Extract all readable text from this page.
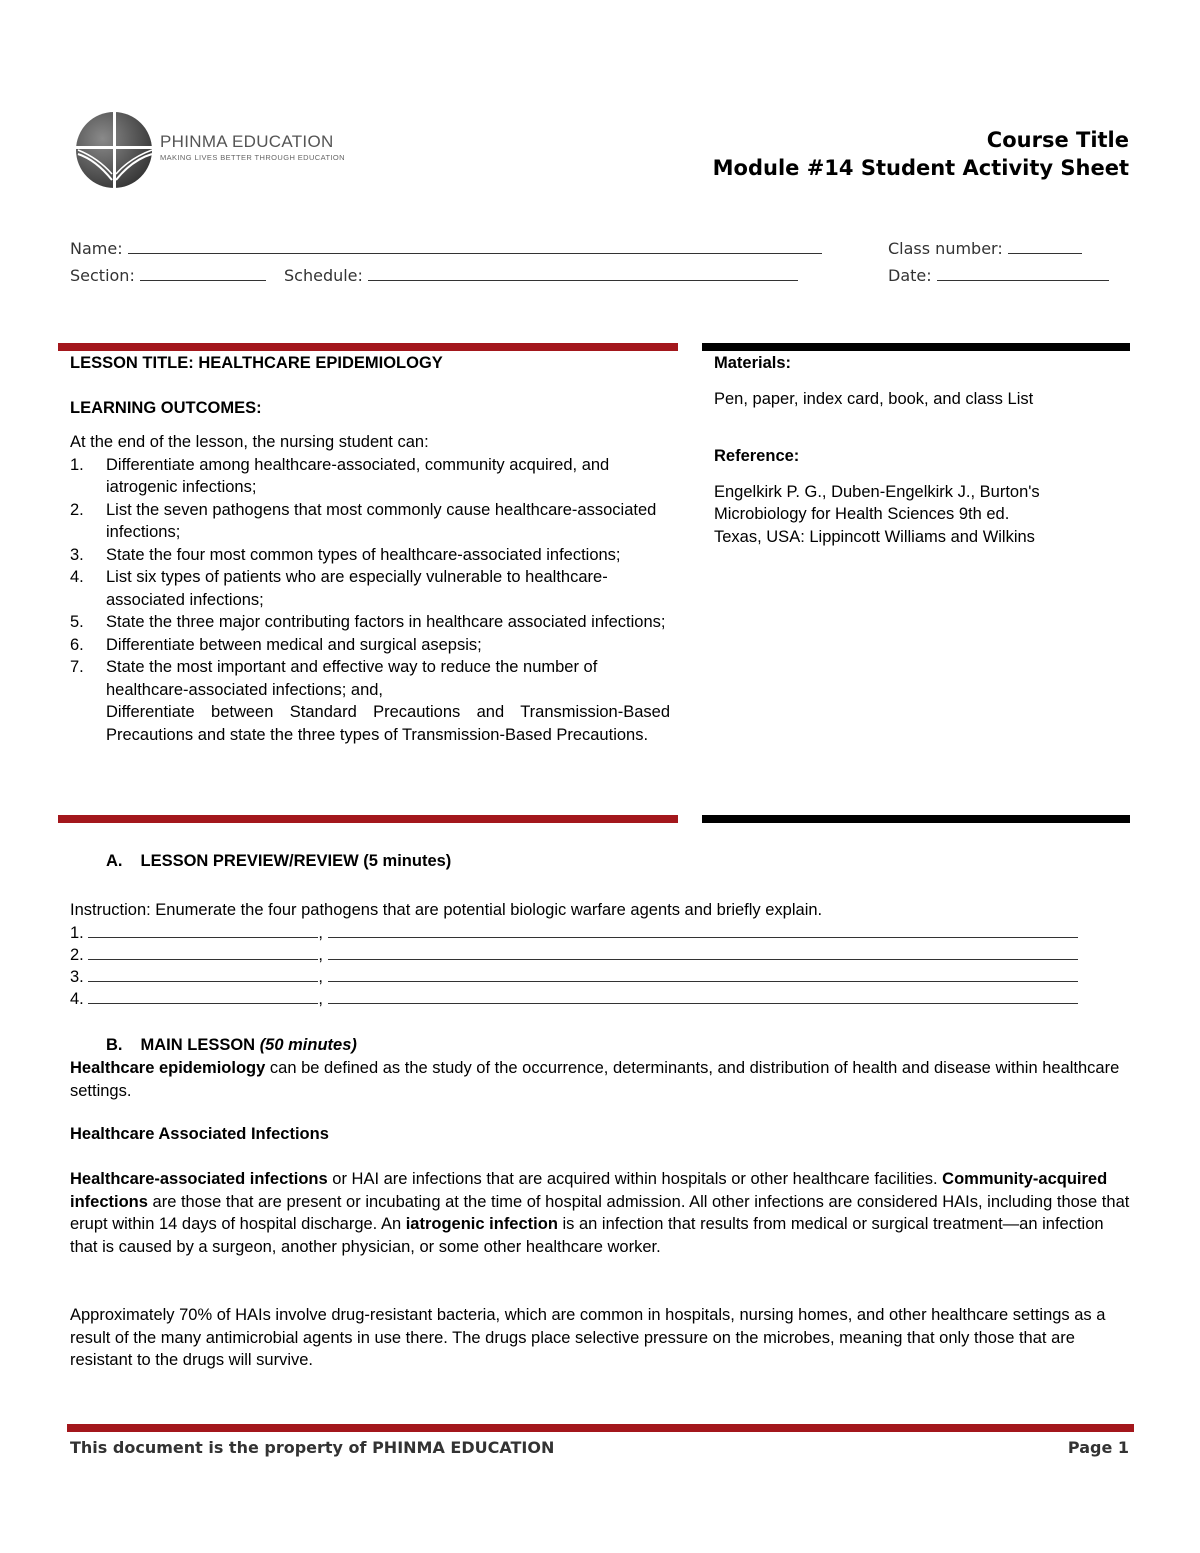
PHINMA EDUCATION
MAKING LIVES BETTER THROUGH EDUCATION
Course Title
Module #14 Student Activity Sheet
Name:	Class number:
Section:	Schedule:	Date:
LESSON TITLE: HEALTHCARE EPIDEMIOLOGY
LEARNING OUTCOMES:
At the end of the lesson, the nursing student can:
1. Differentiate among healthcare-associated, community acquired, and iatrogenic infections;
2. List the seven pathogens that most commonly cause healthcare-associated infections;
3. State the four most common types of healthcare-associated infections;
4. List six types of patients who are especially vulnerable to healthcare-associated infections;
5. State the three major contributing factors in healthcare associated infections;
6. Differentiate between medical and surgical asepsis;
7. State the most important and effective way to reduce the number of healthcare-associated infections; and,
Differentiate between Standard Precautions and Transmission-Based Precautions and state the three types of Transmission-Based Precautions.
Materials:
Pen, paper, index card, book, and class List
Reference:
Engelkirk P. G., Duben-Engelkirk J., Burton's
Microbiology for Health Sciences 9th ed.
Texas, USA: Lippincott Williams and Wilkins
A. LESSON PREVIEW/REVIEW (5 minutes)
Instruction: Enumerate the four pathogens that are potential biologic warfare agents and briefly explain.
1.	,
2.	,
3.	,
4.	,
B. MAIN LESSON (50 minutes)
Healthcare epidemiology can be defined as the study of the occurrence, determinants, and distribution of health and disease within healthcare settings.
Healthcare Associated Infections
Healthcare-associated infections or HAI are infections that are acquired within hospitals or other healthcare facilities. Community-acquired infections are those that are present or incubating at the time of hospital admission. All other infections are considered HAIs, including those that erupt within 14 days of hospital discharge. An iatrogenic infection is an infection that results from medical or surgical treatment—an infection that is caused by a surgeon, another physician, or some other healthcare worker.
Approximately 70% of HAIs involve drug-resistant bacteria, which are common in hospitals, nursing homes, and other healthcare settings as a result of the many antimicrobial agents in use there. The drugs place selective pressure on the microbes, meaning that only those that are resistant to the drugs will survive.
This document is the property of PHINMA EDUCATION	Page 1
